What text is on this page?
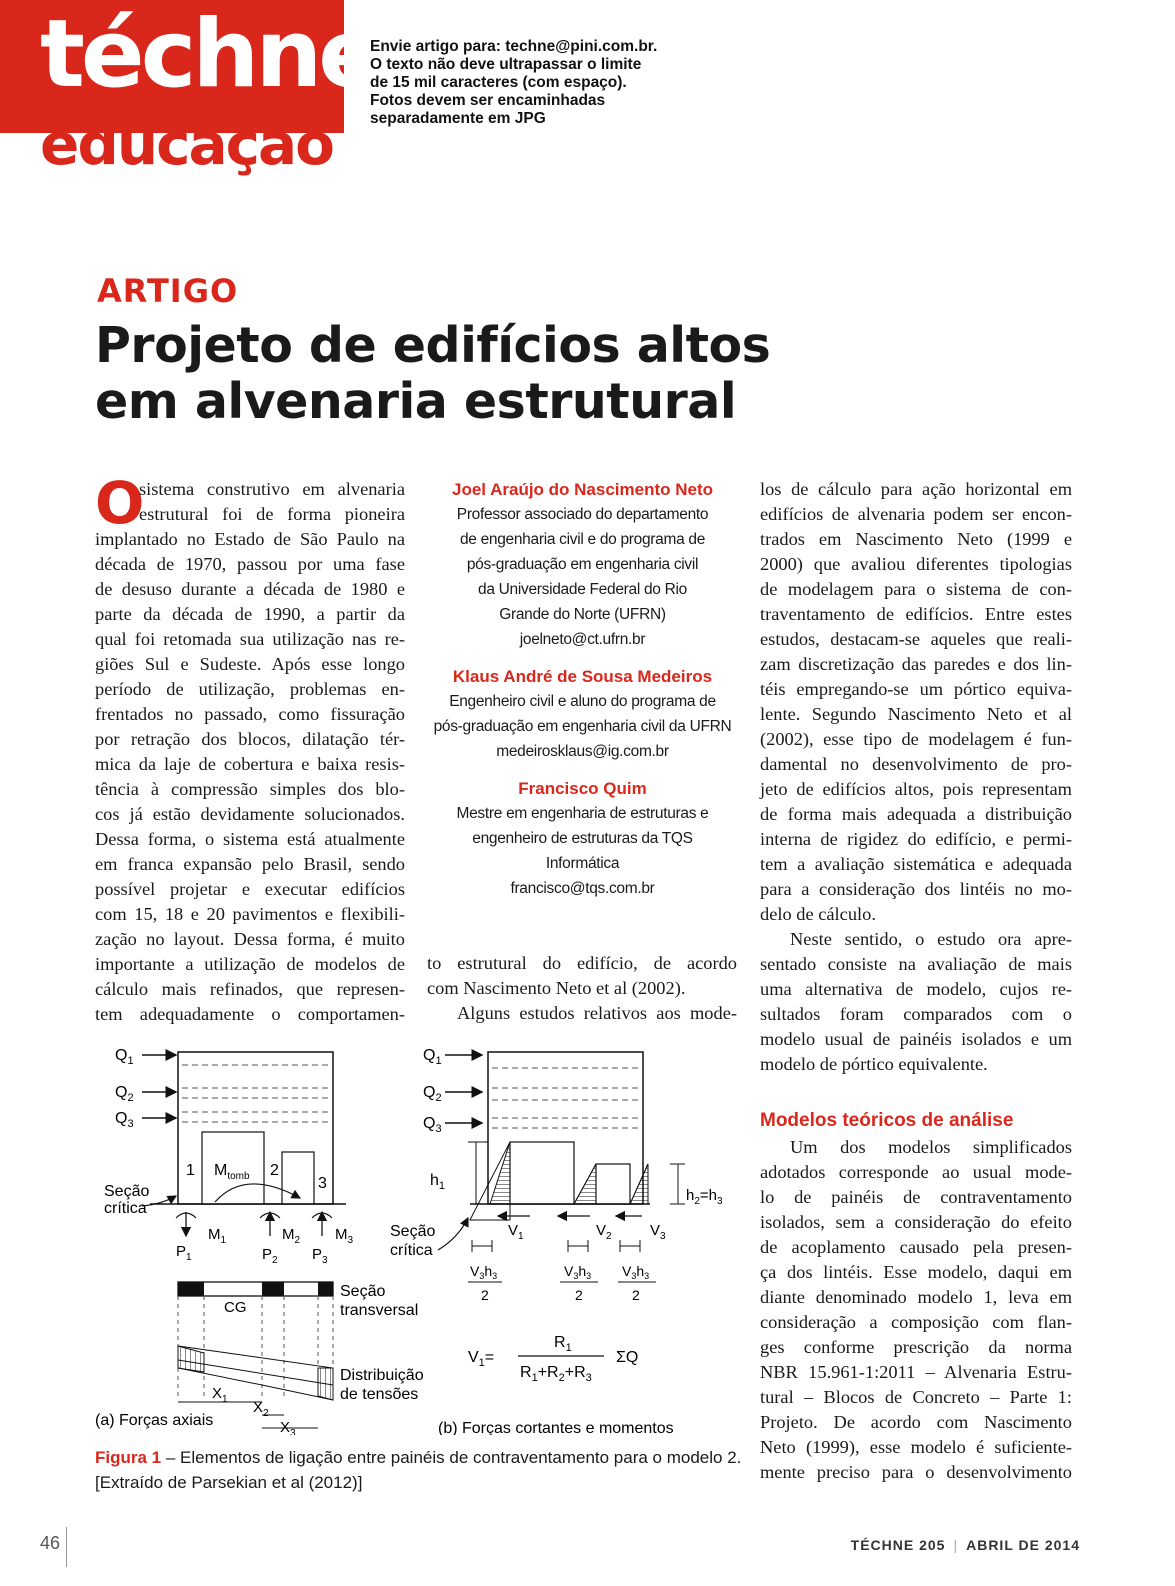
téchne
educação
Envie artigo para: techne@pini.com.br.
O texto não deve ultrapassar o limite
de 15 mil caracteres (com espaço).
Fotos devem ser encaminhadas
separadamente em JPG
ARTIGO
Projeto de edifícios altos
em alvenaria estrutural
O
sistema construtivo em alvenaria
estrutural foi de forma pioneira
implantado no Estado de São Paulo na
década de 1970, passou por uma fase
de desuso durante a década de 1980 e
parte da década de 1990, a partir da
qual foi retomada sua utilização nas re-
giões Sul e Sudeste. Após esse longo
período de utilização, problemas en-
frentados no passado, como fissuração
por retração dos blocos, dilatação tér-
mica da laje de cobertura e baixa resis-
tência à compressão simples dos blo-
cos já estão devidamente solucionados.
Dessa forma, o sistema está atualmente
em franca expansão pelo Brasil, sendo
possível projetar e executar edifícios
com 15, 18 e 20 pavimentos e flexibili-
zação no layout. Dessa forma, é muito
importante a utilização de modelos de
cálculo mais refinados, que represen-
tem adequadamente o comportamen-
Joel Araújo do Nascimento Neto
Professor associado do departamento
de engenharia civil e do programa de
pós-graduação em engenharia civil
da Universidade Federal do Rio
Grande do Norte (UFRN)
joelneto@ct.ufrn.br
Klaus André de Sousa Medeiros
Engenheiro civil e aluno do programa de
pós-graduação em engenharia civil da UFRN
medeirosklaus@ig.com.br
Francisco Quim
Mestre em engenharia de estruturas e
engenheiro de estruturas da TQS
Informática
francisco@tqs.com.br
to estrutural do edifício, de acordo
com Nascimento Neto et al (2002).
Alguns estudos relativos aos mode-
los de cálculo para ação horizontal em
edifícios de alvenaria podem ser encon-
trados em Nascimento Neto (1999 e
2000) que avaliou diferentes tipologias
de modelagem para o sistema de con-
traventamento de edifícios. Entre estes
estudos, destacam-se aqueles que reali-
zam discretização das paredes e dos lin-
téis empregando-se um pórtico equiva-
lente. Segundo Nascimento Neto et al
(2002), esse tipo de modelagem é fun-
damental no desenvolvimento de pro-
jeto de edifícios altos, pois representam
de forma mais adequada a distribuição
interna de rigidez do edifício, e permi-
tem a avaliação sistemática e adequada
para a consideração dos lintéis no mo-
delo de cálculo.
Neste sentido, o estudo ora apre-
sentado consiste na avaliação de mais
uma alternativa de modelo, cujos re-
sultados foram comparados com o
modelo usual de painéis isolados e um
modelo de pórtico equivalente.
Modelos teóricos de análise
Um dos modelos simplificados
adotados corresponde ao usual mode-
lo de painéis de contraventamento
isolados, sem a consideração do efeito
de acoplamento causado pela presen-
ça dos lintéis. Esse modelo, daqui em
diante denominado modelo 1, leva em
consideração a composição com flan-
ges conforme prescrição da norma
NBR 15.961-1:2011 – Alvenaria Estru-
tural – Blocos de Concreto – Parte 1:
Projeto. De acordo com Nascimento
Neto (1999), esse modelo é suficiente-
mente preciso para o desenvolvimento
$Q_1$
$Q_2$
$Q_3$
1	2
3
$M_{tomb}$
Seção
crítica
$M_1$	$M_2$ $M_3$
$P_1$	$P_2$ $P_3$
CG
Seção
transversal
Distribuição
de tensões
$X_1$ $X_2$
$X_3$
(a) Forças axiais
$Q_1$
$Q_2$
$Q_3$
$h_1$
$h_2=h_3$
$V_1$	$V_2$	$V_3$
Seção
crítica
$V_3h_3$
2
$V_3h_3$
2
$V_3h_3$
2
$V_1=$
$R_1$
$R_1+R_2+R_3$
ΣQ
(b) Forças cortantes e momentos
Figura 1 – Elementos de ligação entre painéis de contraventamento para o modelo 2.
[Extraído de Parsekian et al (2012)]
46	TÉCHNE 205 | ABRIL DE 2014
